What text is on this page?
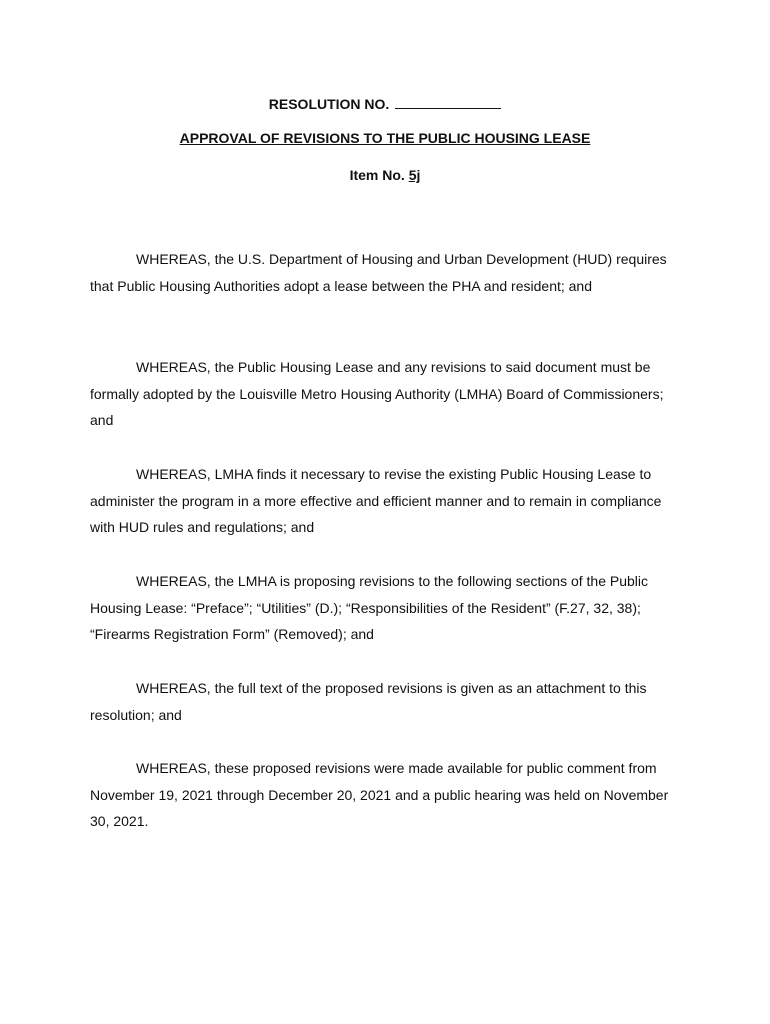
RESOLUTION NO.
APPROVAL OF REVISIONS TO THE PUBLIC HOUSING LEASE
Item No. 5j

WHEREAS, the U.S. Department of Housing and Urban Development (HUD) requires that Public Housing Authorities adopt a lease between the PHA and resident; and

WHEREAS, the Public Housing Lease and any revisions to said document must be formally adopted by the Louisville Metro Housing Authority (LMHA) Board of Commissioners; and

WHEREAS, LMHA finds it necessary to revise the existing Public Housing Lease to administer the program in a more effective and efficient manner and to remain in compliance with HUD rules and regulations; and

WHEREAS, the LMHA is proposing revisions to the following sections of the Public Housing Lease: “Preface”; “Utilities” (D.); “Responsibilities of the Resident” (F.27, 32, 38); “Firearms Registration Form” (Removed); and

WHEREAS, the full text of the proposed revisions is given as an attachment to this resolution; and

WHEREAS, these proposed revisions were made available for public comment from November 19, 2021 through December 20, 2021 and a public hearing was held on November 30, 2021.
